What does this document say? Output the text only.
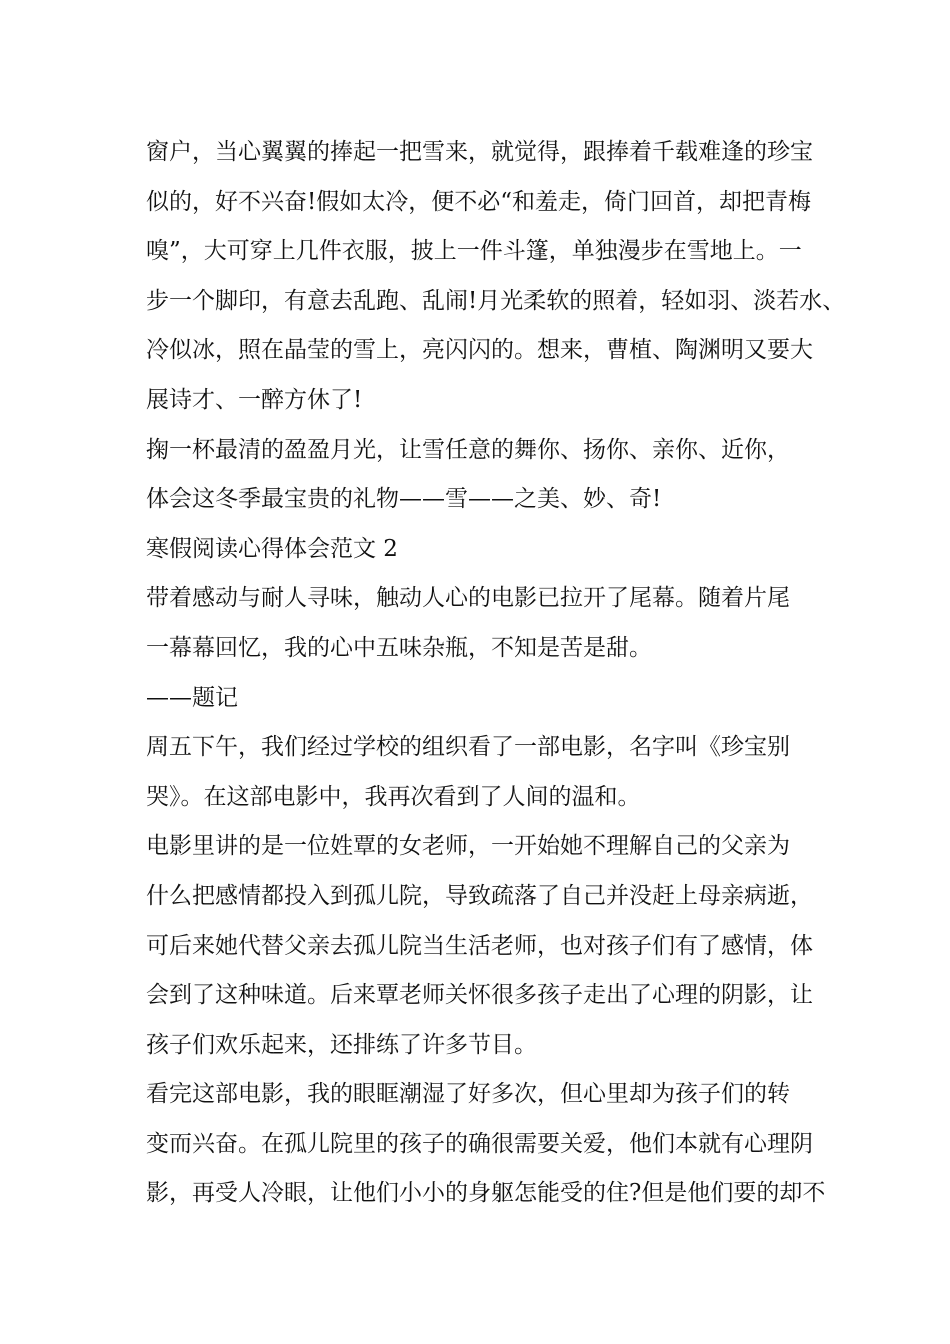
窗户，当心翼翼的捧起一把雪来，就觉得，跟捧着千载难逢的珍宝

似的，好不兴奋!假如太冷，便不必“和羞走，倚门回首，却把青梅

嗅”，大可穿上几件衣服，披上一件斗篷，单独漫步在雪地上。一

步一个脚印，有意去乱跑、乱闹!月光柔软的照着，轻如羽、淡若水、

冷似冰，照在晶莹的雪上，亮闪闪的。想来，曹植、陶渊明又要大

展诗才、一醉方休了!

掬一杯最清的盈盈月光，让雪任意的舞你、扬你、亲你、近你，

体会这冬季最宝贵的礼物——雪——之美、妙、奇!

寒假阅读心得体会范文 2

带着感动与耐人寻味，触动人心的电影已拉开了尾幕。随着片尾

一幕幕回忆，我的心中五味杂瓶，不知是苦是甜。

——题记

周五下午，我们经过学校的组织看了一部电影，名字叫《珍宝别

哭》。在这部电影中，我再次看到了人间的温和。

电影里讲的是一位姓覃的女老师，一开始她不理解自己的父亲为

什么把感情都投入到孤儿院，导致疏落了自己并没赶上母亲病逝，

可后来她代替父亲去孤儿院当生活老师，也对孩子们有了感情，体

会到了这种味道。后来覃老师关怀很多孩子走出了心理的阴影，让

孩子们欢乐起来，还排练了许多节目。

看完这部电影，我的眼眶潮湿了好多次，但心里却为孩子们的转

变而兴奋。在孤儿院里的孩子的确很需要关爱，他们本就有心理阴

影，再受人冷眼，让他们小小的身躯怎能受的住?但是他们要的却不
